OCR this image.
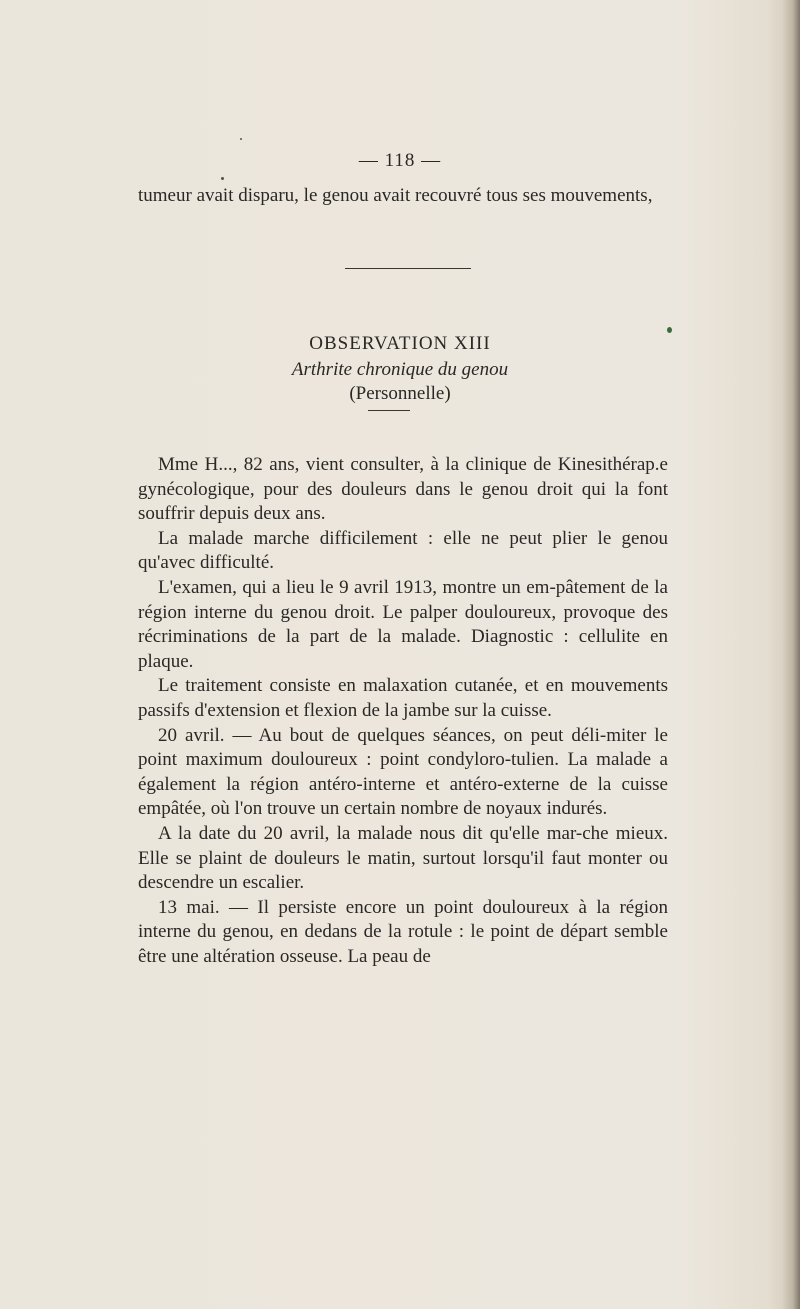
— 118 —

tumeur avait disparu, le genou avait recouvré tous ses mouvements,

OBSERVATION XIII
Arthrite chronique du genou
(Personnelle)

Mme H..., 82 ans, vient consulter, à la clinique de Kinesithérap.e gynécologique, pour des douleurs dans le genou droit qui la font souffrir depuis deux ans.

La malade marche difficilement : elle ne peut plier le genou qu'avec difficulté.

L'examen, qui a lieu le 9 avril 1913, montre un em-pâtement de la région interne du genou droit. Le palper douloureux, provoque des récriminations de la part de la malade. Diagnostic : cellulite en plaque.

Le traitement consiste en malaxation cutanée, et en mouvements passifs d'extension et flexion de la jambe sur la cuisse.

20 avril. — Au bout de quelques séances, on peut déli-miter le point maximum douloureux : point condyloro-tulien. La malade a également la région antéro-interne et antéro-externe de la cuisse empâtée, où l'on trouve un certain nombre de noyaux indurés.

A la date du 20 avril, la malade nous dit qu'elle mar-che mieux. Elle se plaint de douleurs le matin, surtout lorsqu'il faut monter ou descendre un escalier.

13 mai. — Il persiste encore un point douloureux à la région interne du genou, en dedans de la rotule : le point de départ semble être une altération osseuse. La peau de
